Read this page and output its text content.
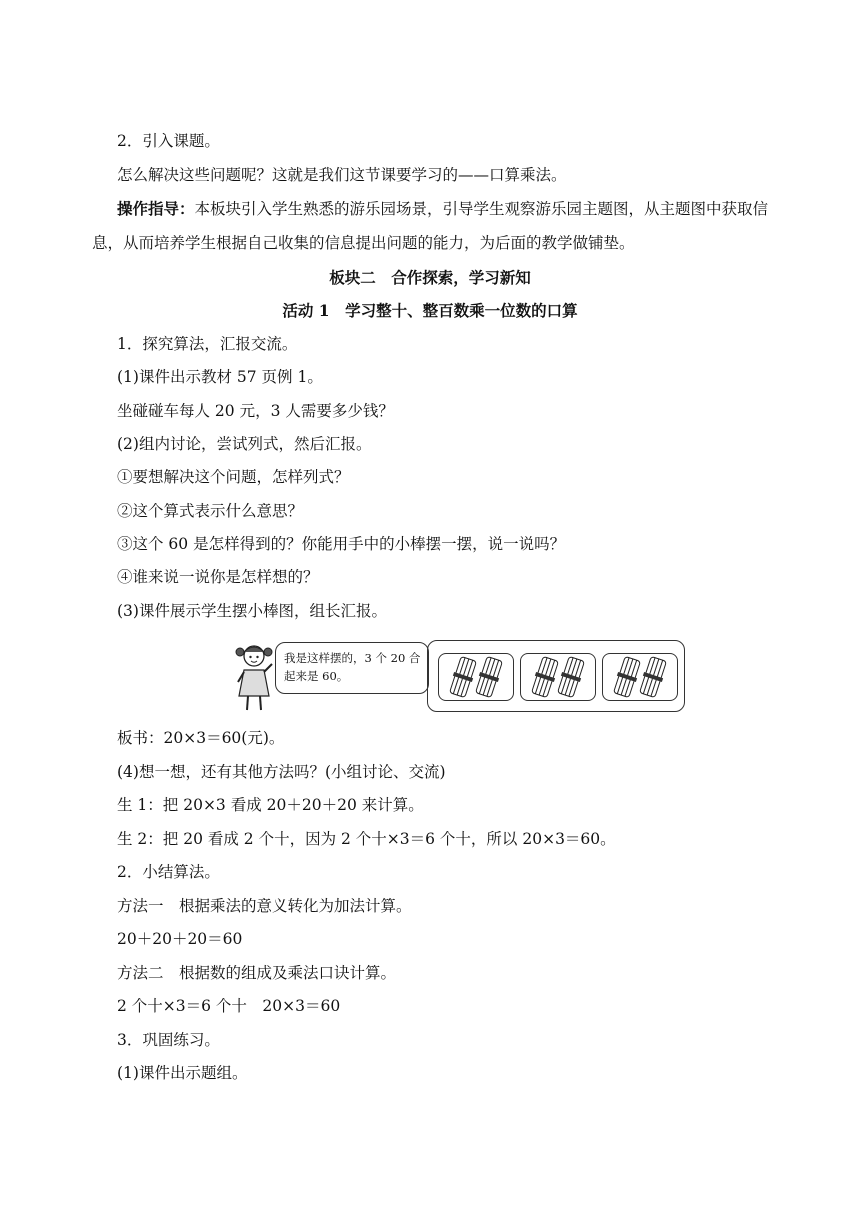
2．引入课题。
怎么解决这些问题呢？这就是我们这节课要学习的——口算乘法。
操作指导：本板块引入学生熟悉的游乐园场景，引导学生观察游乐园主题图，从主题图中获取信息，从而培养学生根据自己收集的信息提出问题的能力，为后面的教学做铺垫。
板块二　合作探索，学习新知
活动 1　学习整十、整百数乘一位数的口算
1．探究算法，汇报交流。
(1)课件出示教材 57 页例 1。
坐碰碰车每人 20 元，3 人需要多少钱？
(2)组内讨论，尝试列式，然后汇报。
①要想解决这个问题，怎样列式？
②这个算式表示什么意思？
③这个 60 是怎样得到的？你能用手中的小棒摆一摆，说一说吗？
④谁来说一说你是怎样想的？
(3)课件展示学生摆小棒图，组长汇报。
我是这样摆的，3 个 20 合起来是 60。
板书：20×3＝60(元)。
(4)想一想，还有其他方法吗？(小组讨论、交流)
生 1：把 20×3 看成 20＋20＋20 来计算。
生 2：把 20 看成 2 个十，因为 2 个十×3＝6 个十，所以 20×3＝60。
2．小结算法。
方法一　根据乘法的意义转化为加法计算。
20＋20＋20＝60
方法二　根据数的组成及乘法口诀计算。
2 个十×3＝6 个十　20×3＝60
3．巩固练习。
(1)课件出示题组。
